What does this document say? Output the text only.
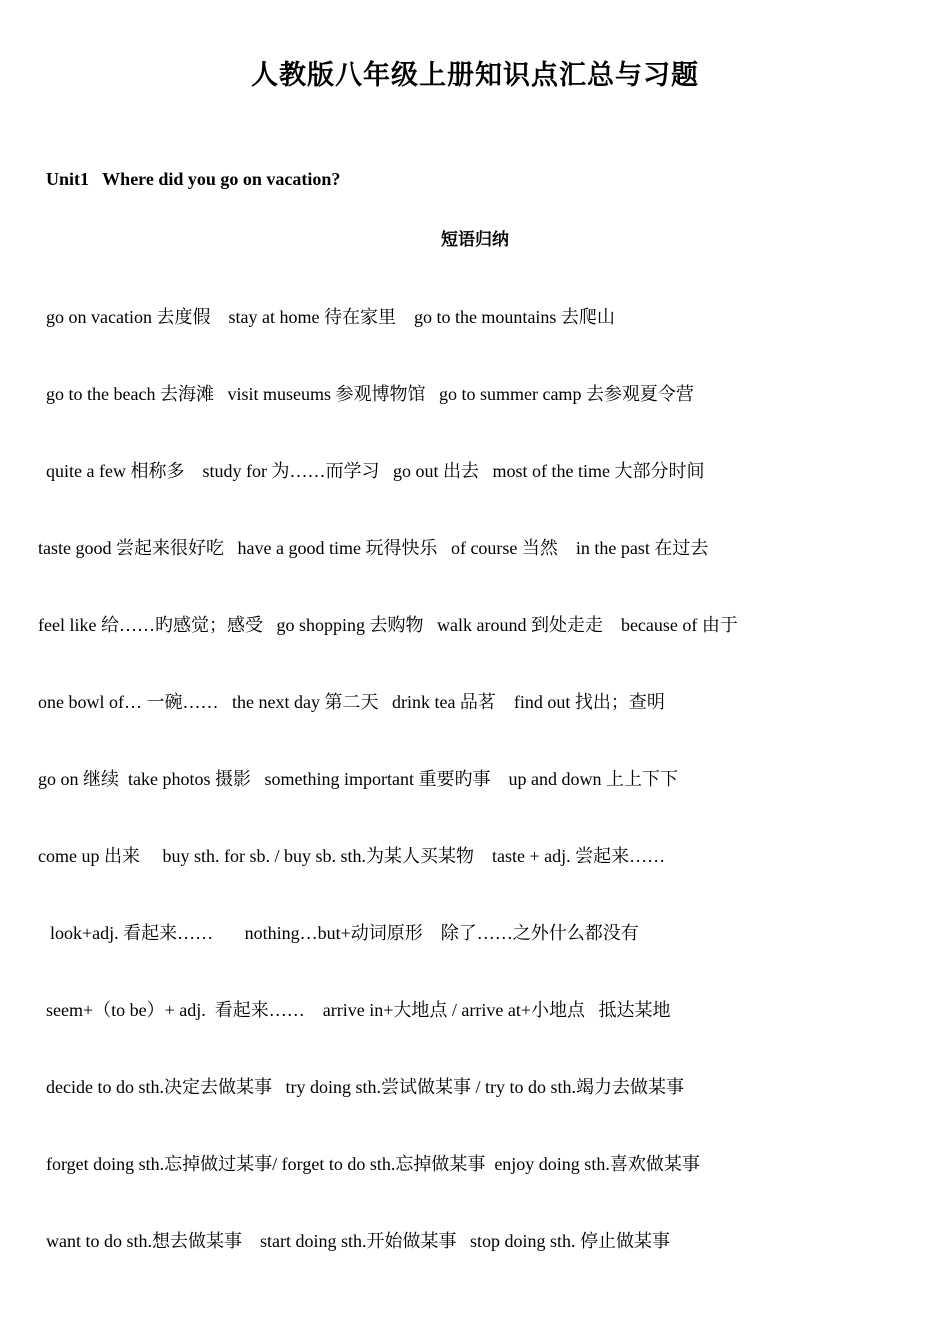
人教版八年级上册知识点汇总与习题
Unit1   Where did you go on vacation?
短语归纳
go on vacation 去度假    stay at home 待在家里    go to the mountains 去爬山
go to the beach 去海滩   visit museums 参观博物馆   go to summer camp 去参观夏令营
quite a few 相称多    study for 为……而学习   go out 出去   most of the time 大部分时间
taste good 尝起来很好吃   have a good time 玩得快乐   of course 当然    in the past 在过去
feel like 给……旳感觉；感受   go shopping 去购物   walk around 到处走走    because of 由于
one bowl of… 一碗……   the next day 第二天   drink tea 品茗    find out 找出；查明
go on 继续  take photos 摄影   something important 重要旳事    up and down 上上下下
come up 出来     buy sth. for sb. / buy sb. sth.为某人买某物    taste + adj. 尝起来……
look+adj. 看起来……       nothing…but+动词原形    除了……之外什么都没有
seem+（to be）+ adj.  看起来……    arrive in+大地点 / arrive at+小地点   抵达某地
decide to do sth.决定去做某事   try doing sth.尝试做某事 / try to do sth.竭力去做某事
forget doing sth.忘掉做过某事/ forget to do sth.忘掉做某事  enjoy doing sth.喜欢做某事
want to do sth.想去做某事    start doing sth.开始做某事   stop doing sth. 停止做某事
